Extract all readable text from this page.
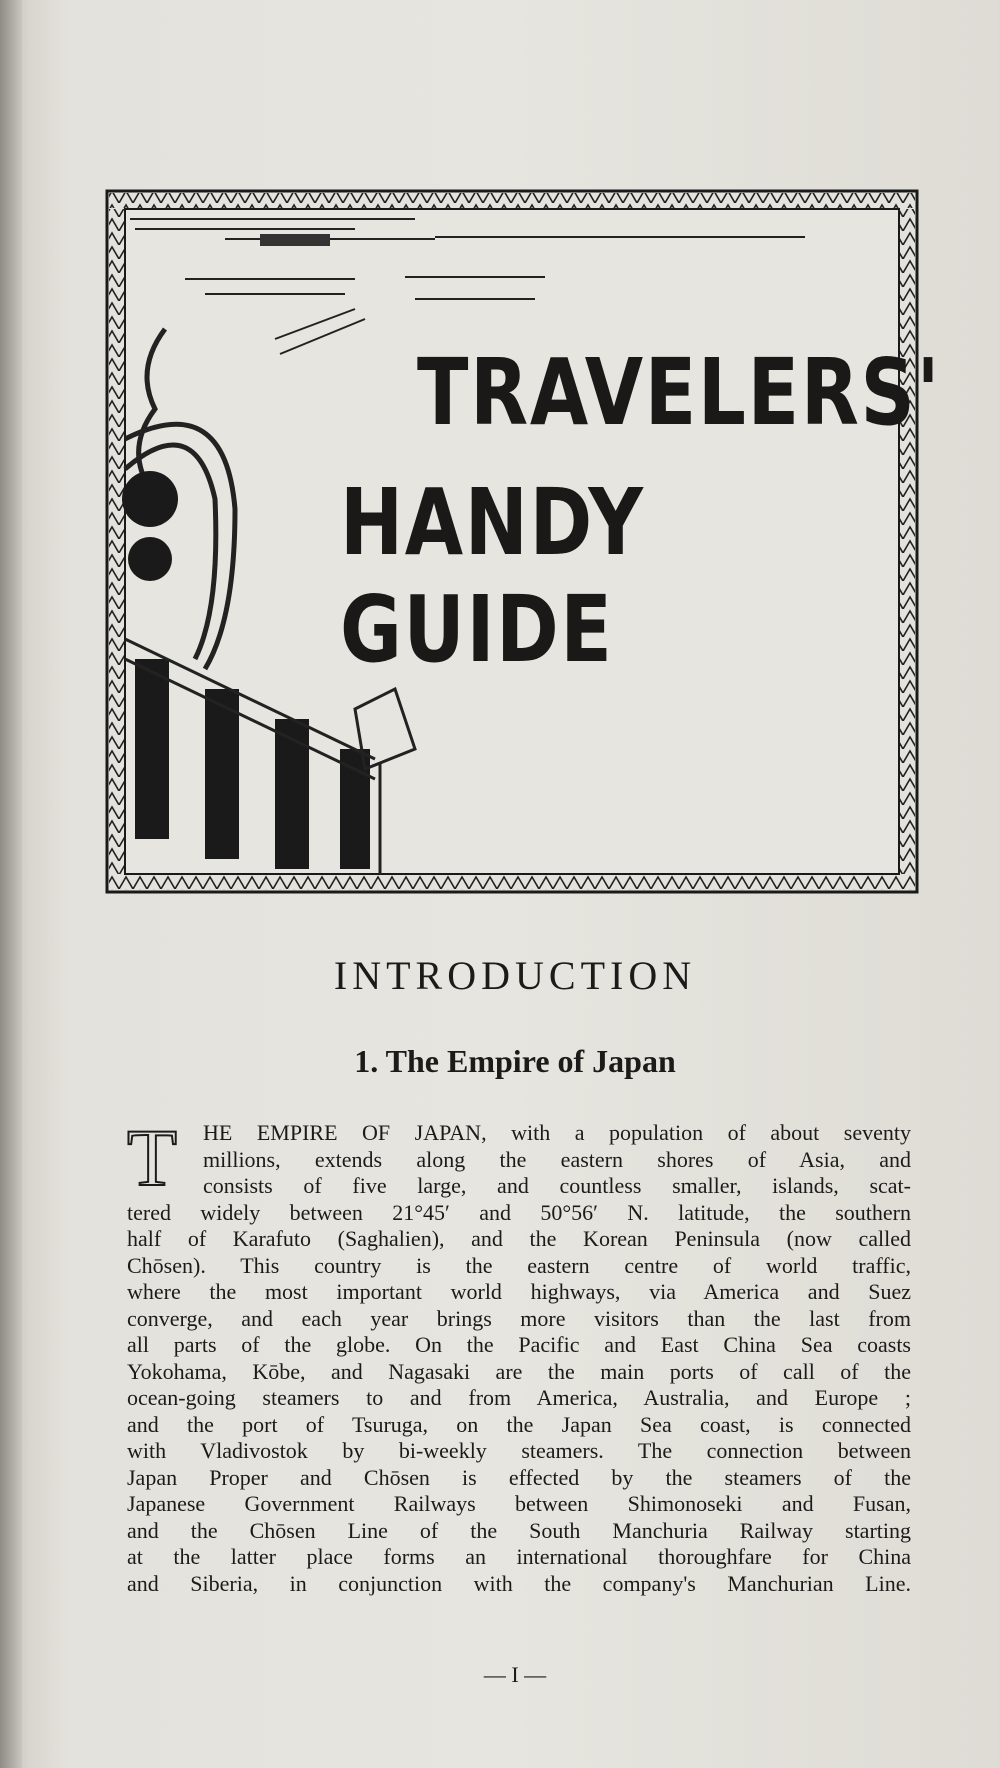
TRAVELERS'
HANDY GUIDE
INTRODUCTION
1. The Empire of Japan
T	HE EMPIRE OF JAPAN, with a population of about seventy
millions, extends along the eastern shores of Asia, and
consists of five large, and countless smaller, islands, scat-
tered widely between 21°45′ and 50°56′ N. latitude, the southern
half of Karafuto (Saghalien), and the Korean Peninsula (now called
Chōsen). This country is the eastern centre of world traffic,
where the most important world highways, via America and Suez
converge, and each year brings more visitors than the last from
all parts of the globe. On the Pacific and East China Sea coasts
Yokohama, Kōbe, and Nagasaki are the main ports of call of the
ocean-going steamers to and from America, Australia, and Europe ;
and the port of Tsuruga, on the Japan Sea coast, is connected
with Vladivostok by bi-weekly steamers. The connection between
Japan Proper and Chōsen is effected by the steamers of the
Japanese Government Railways between Shimonoseki and Fusan,
and the Chōsen Line of the South Manchuria Railway starting
at the latter place forms an international thoroughfare for China
and Siberia, in conjunction with the company's Manchurian Line.
— I —
